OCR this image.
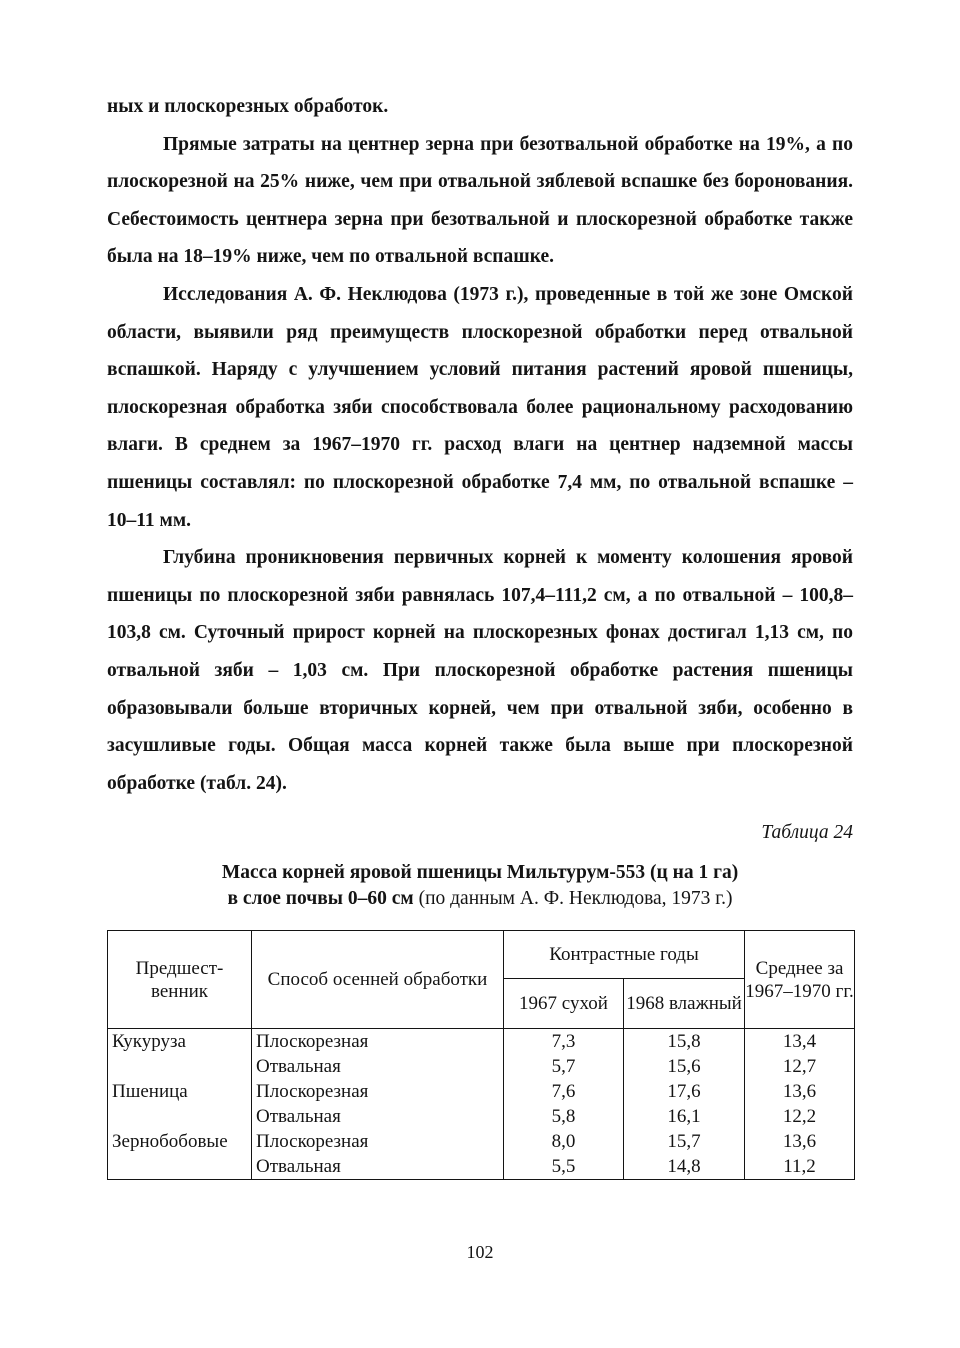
ных и плоскорезных обработок.

Прямые затраты на центнер зерна при безотвальной обработке на 19%, а по плоскорезной на 25% ниже, чем при отвальной зяблевой вспашке без боронования. Себестоимость центнера зерна при безотвальной и плоскорезной обработке также была на 18–19% ниже, чем по отвальной вспашке.

Исследования А. Ф. Неклюдова (1973 г.), проведенные в той же зоне Омской области, выявили ряд преимуществ плоскорезной обработки перед отвальной вспашкой. Наряду с улучшением условий питания растений яровой пшеницы, плоскорезная обработка зяби способствовала более рациональному расходованию влаги. В среднем за 1967–1970 гг. расход влаги на центнер надземной массы пшеницы составлял: по плоскорезной обработке 7,4 мм, по отвальной вспашке – 10–11 мм.

Глубина проникновения первичных корней к моменту колошения яровой пшеницы по плоскорезной зяби равнялась 107,4–111,2 см, а по отвальной – 100,8–103,8 см. Суточный прирост корней на плоскорезных фонах достигал 1,13 см, по отвальной зяби – 1,03 см. При плоскорезной обработке растения пшеницы образовывали больше вторичных корней, чем при отвальной зяби, особенно в засушливые годы. Общая масса корней также была выше при плоскорезной обработке (табл. 24).

Таблица 24
Масса корней яровой пшеницы Мильтурум-553 (ц на 1 га)
в слое почвы 0–60 см (по данным А. Ф. Неклюдова, 1973 г.)
Предшест-венник	Способ осенней обработки	Контрастные годы		Среднее за 1967–1970 гг.
		1967 сухой	1968 влажный	
Кукуруза	Плоскорезная	7,3	15,8	13,4
	Отвальная	5,7	15,6	12,7
Пшеница	Плоскорезная	7,6	17,6	13,6
	Отвальная	5,8	16,1	12,2
Зернобобовые	Плоскорезная	8,0	15,7	13,6
	Отвальная	5,5	14,8	11,2
102
